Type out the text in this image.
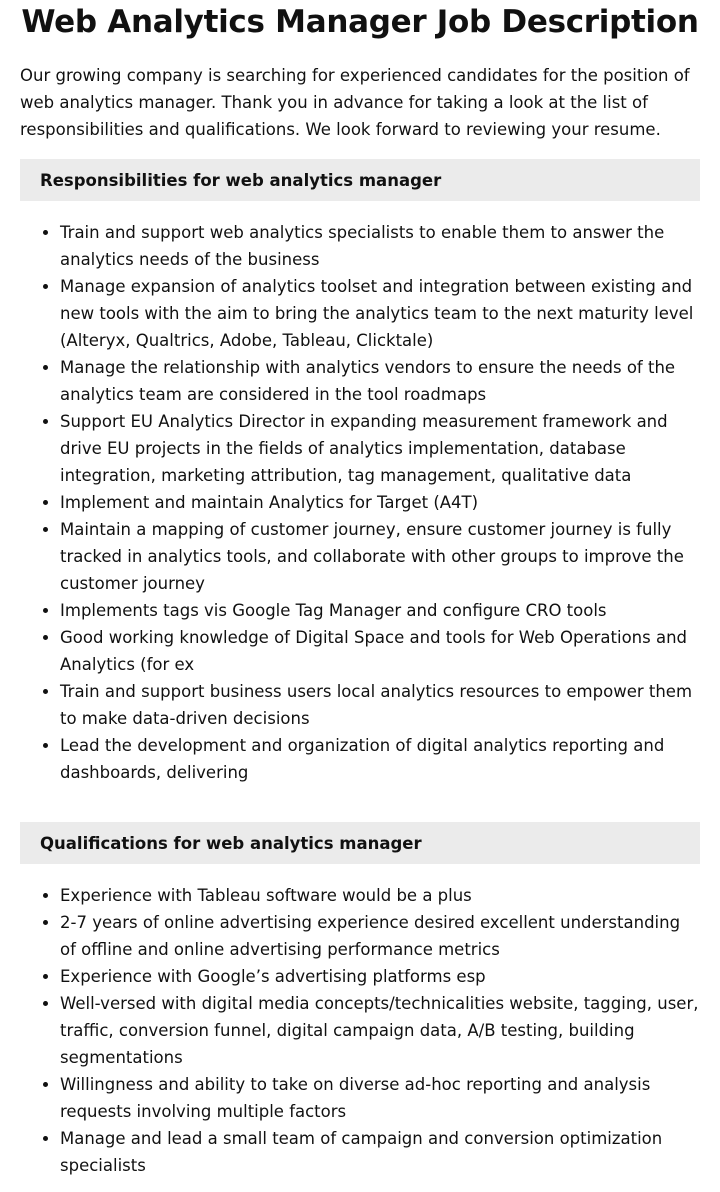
Web Analytics Manager Job Description

Our growing company is searching for experienced candidates for the position of web analytics manager. Thank you in advance for taking a look at the list of responsibilities and qualifications. We look forward to reviewing your resume.

Responsibilities for web analytics manager
• Train and support web analytics specialists to enable them to answer the analytics needs of the business
• Manage expansion of analytics toolset and integration between existing and new tools with the aim to bring the analytics team to the next maturity level (Alteryx, Qualtrics, Adobe, Tableau, Clicktale)
• Manage the relationship with analytics vendors to ensure the needs of the analytics team are considered in the tool roadmaps
• Support EU Analytics Director in expanding measurement framework and drive EU projects in the fields of analytics implementation, database integration, marketing attribution, tag management, qualitative data
• Implement and maintain Analytics for Target (A4T)
• Maintain a mapping of customer journey, ensure customer journey is fully tracked in analytics tools, and collaborate with other groups to improve the customer journey
• Implements tags vis Google Tag Manager and configure CRO tools
• Good working knowledge of Digital Space and tools for Web Operations and Analytics (for ex
• Train and support business users local analytics resources to empower them to make data-driven decisions
• Lead the development and organization of digital analytics reporting and dashboards, delivering
Qualifications for web analytics manager
• Experience with Tableau software would be a plus
• 2-7 years of online advertising experience desired excellent understanding of offline and online advertising performance metrics
• Experience with Google’s advertising platforms esp
• Well-versed with digital media concepts/technicalities website, tagging, user, traffic, conversion funnel, digital campaign data, A/B testing, building segmentations
• Willingness and ability to take on diverse ad-hoc reporting and analysis requests involving multiple factors
• Manage and lead a small team of campaign and conversion optimization specialists
